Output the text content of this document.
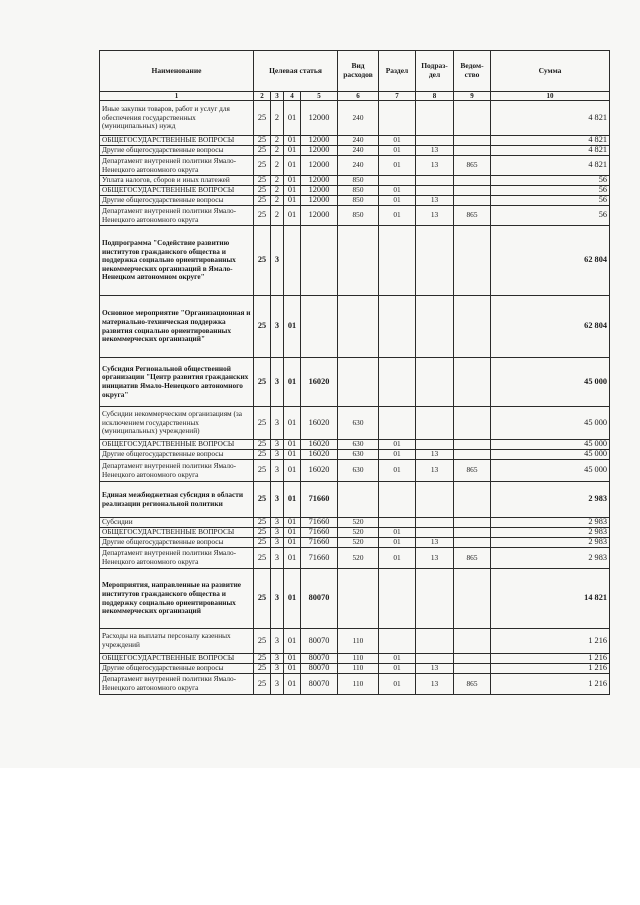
Наименование	Целевая статья				Вид расходов	Раздел	Подраз-дел	Ведом-ство	Сумма
1	2	3	4	5	6	7	8	9	10
Иные закупки товаров, работ и услуг для обеспечения государственных (муниципальных) нужд	25	2	01	12000	240				4 821
ОБЩЕГОСУДАРСТВЕННЫЕ ВОПРОСЫ	25	2	01	12000	240	01			4 821
Другие общегосударственные вопросы	25	2	01	12000	240	01	13		4 821
Департамент внутренней политики Ямало-Ненецкого автономного округа	25	2	01	12000	240	01	13	865	4 821
Уплата налогов, сборов и иных платежей	25	2	01	12000	850				56
ОБЩЕГОСУДАРСТВЕННЫЕ ВОПРОСЫ	25	2	01	12000	850	01			56
Другие общегосударственные вопросы	25	2	01	12000	850	01	13		56
Департамент внутренней политики Ямало-Ненецкого автономного округа	25	2	01	12000	850	01	13	865	56
Подпрограмма "Содействие развитию институтов гражданского общества и поддержка социально ориентированных некоммерческих организаций в Ямало-Ненецком автономном округе"	25	3							62 804
Основное мероприятие "Организационная и материально-техническая поддержка развития социально ориентированных некоммерческих организаций"	25	3	01						62 804
Субсидия Региональной общественной организации "Центр развития гражданских инициатив Ямало-Ненецкого автономного округа"	25	3	01	16020					45 000
Субсидии некоммерческим организациям (за исключением государственных (муниципальных) учреждений)	25	3	01	16020	630				45 000
ОБЩЕГОСУДАРСТВЕННЫЕ ВОПРОСЫ	25	3	01	16020	630	01			45 000
Другие общегосударственные вопросы	25	3	01	16020	630	01	13		45 000
Департамент внутренней политики Ямало-Ненецкого автономного округа	25	3	01	16020	630	01	13	865	45 000
Единая межбюджетная субсидия в области реализации региональной политики	25	3	01	71660					2 983
Субсидии	25	3	01	71660	520				2 983
ОБЩЕГОСУДАРСТВЕННЫЕ ВОПРОСЫ	25	3	01	71660	520	01			2 983
Другие общегосударственные вопросы	25	3	01	71660	520	01	13		2 983
Департамент внутренней политики Ямало-Ненецкого автономного округа	25	3	01	71660	520	01	13	865	2 983
Мероприятия, направленные на развитие институтов гражданского общества и поддержку социально ориентированных некоммерческих организаций	25	3	01	80070					14 821
Расходы на выплаты персоналу казенных учреждений	25	3	01	80070	110				1 216
ОБЩЕГОСУДАРСТВЕННЫЕ ВОПРОСЫ	25	3	01	80070	110	01			1 216
Другие общегосударственные вопросы	25	3	01	80070	110	01	13		1 216
Департамент внутренней политики Ямало-Ненецкого автономного округа	25	3	01	80070	110	01	13	865	1 216
